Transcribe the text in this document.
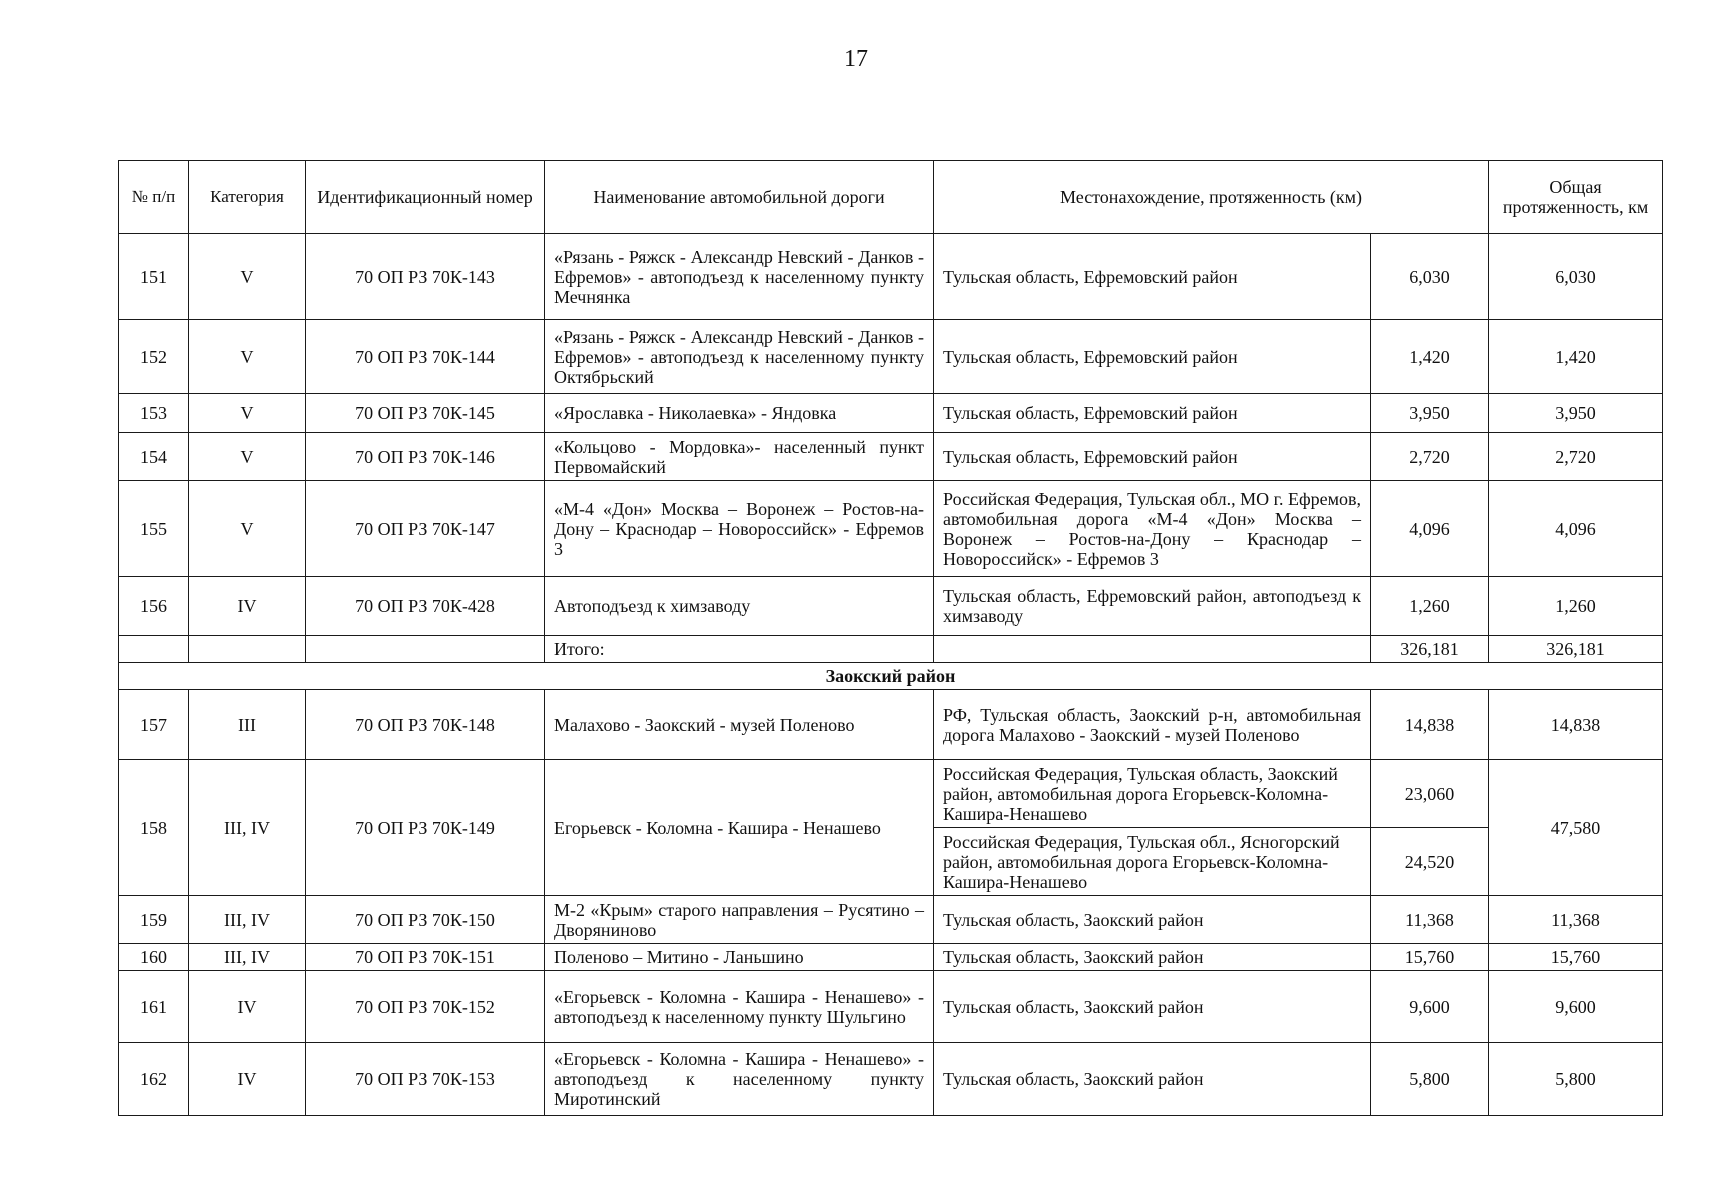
17
№ п/п	Категория	Идентификационный номер	Наименование автомобильной дороги	Местонахождение, протяженность (км)		Общая протяженность, км
151	V	70 ОП РЗ 70К-143	«Рязань - Ряжск - Александр Невский - Данков - Ефремов» - автоподъезд к населенному пункту Мечнянка	Тульская область, Ефремовский район	6,030	6,030
152	V	70 ОП РЗ 70К-144	«Рязань - Ряжск - Александр Невский - Данков - Ефремов» - автоподъезд к населенному пункту Октябрьский	Тульская область, Ефремовский район	1,420	1,420
153	V	70 ОП РЗ 70К-145	«Ярославка - Николаевка» - Яндовка	Тульская область, Ефремовский район	3,950	3,950
154	V	70 ОП РЗ 70К-146	«Кольцово - Мордовка»- населенный пункт Первомайский	Тульская область, Ефремовский район	2,720	2,720
155	V	70 ОП РЗ 70К-147	«М-4 «Дон» Москва – Воронеж – Ростов-на-Дону – Краснодар – Новороссийск» - Ефремов 3	Российская Федерация, Тульская обл., МО г. Ефремов, автомобильная дорога «М-4 «Дон» Москва – Воронеж – Ростов-на-Дону – Краснодар – Новороссийск» - Ефремов 3	4,096	4,096
156	IV	70 ОП РЗ 70К-428	Автоподъезд к химзаводу	Тульская область, Ефремовский район, автоподъезд к химзаводу	1,260	1,260
			Итого:		326,181	326,181
Заокский район						
157	III	70 ОП РЗ 70К-148	Малахово - Заокский - музей Поленово	РФ, Тульская область, Заокский р-н, автомобильная дорога Малахово - Заокский - музей Поленово	14,838	14,838
158	III, IV	70 ОП РЗ 70К-149	Егорьевск - Коломна - Кашира - Ненашево	Российская Федерация, Тульская область, Заокский район, автомобильная дорога Егорьевск-Коломна-Кашира-Ненашево	23,060	47,580
				Российская Федерация, Тульская обл., Ясногорский район, автомобильная дорога Егорьевск-Коломна-Кашира-Ненашево	24,520	
159	III, IV	70 ОП РЗ 70К-150	М-2 «Крым» старого направления – Русятино – Дворяниново	Тульская область, Заокский район	11,368	11,368
160	III, IV	70 ОП РЗ 70К-151	Поленово – Митино - Ланьшино	Тульская область, Заокский район	15,760	15,760
161	IV	70 ОП РЗ 70К-152	«Егорьевск - Коломна - Кашира - Ненашево» - автоподъезд к населенному пункту Шульгино	Тульская область, Заокский район	9,600	9,600
162	IV	70 ОП РЗ 70К-153	«Егорьевск - Коломна - Кашира - Ненашево» - автоподъезд к населенному пункту Миротинский	Тульская область, Заокский район	5,800	5,800
